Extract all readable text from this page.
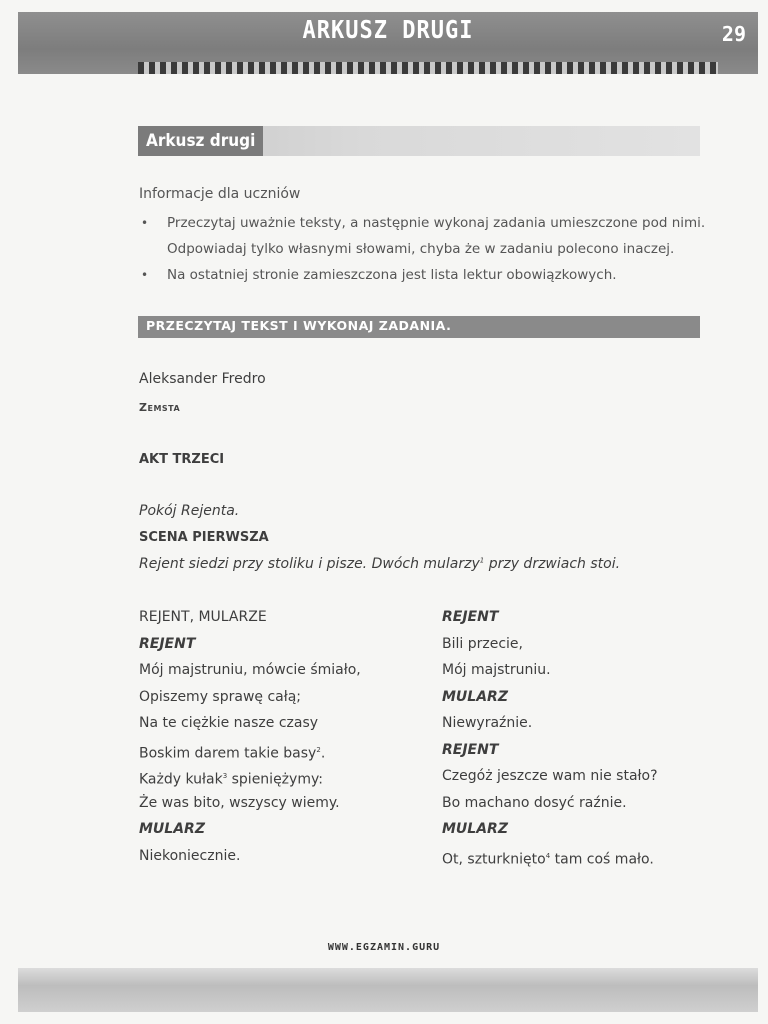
ARKUSZ DRUGI	29
Arkusz drugi
Informacje dla uczniów
• Przeczytaj uważnie teksty, a następnie wykonaj zadania umieszczone pod nimi.
Odpowiadaj tylko własnymi słowami, chyba że w zadaniu polecono inaczej.
• Na ostatniej stronie zamieszczona jest lista lektur obowiązkowych.
PRZECZYTAJ TEKST I WYKONAJ ZADANIA.
Aleksander Fredro
Zemsta
AKT TRZECI
Pokój Rejenta.
SCENA PIERWSZA
Rejent siedzi przy stoliku i pisze. Dwóch mularzy$^1$ przy drzwiach stoi.
REJENT, MULARZE
REJENT
Mój majstruniu, mówcie śmiało,
Opiszemy sprawę całą;
Na te ciężkie nasze czasy
Boskim darem takie basy$^2$.
Każdy kułak$^3$ spieniężymy:
Że was bito, wszyscy wiemy.
MULARZ
Niekoniecznie.
REJENT
Bili przecie,
Mój majstruniu.
MULARZ
Niewyraźnie.
REJENT
Czegóż jeszcze wam nie stało?
Bo machano dosyć raźnie.
MULARZ
Ot, szturknięto$^4$ tam coś mało.
WWW.EGZAMIN.GURU
